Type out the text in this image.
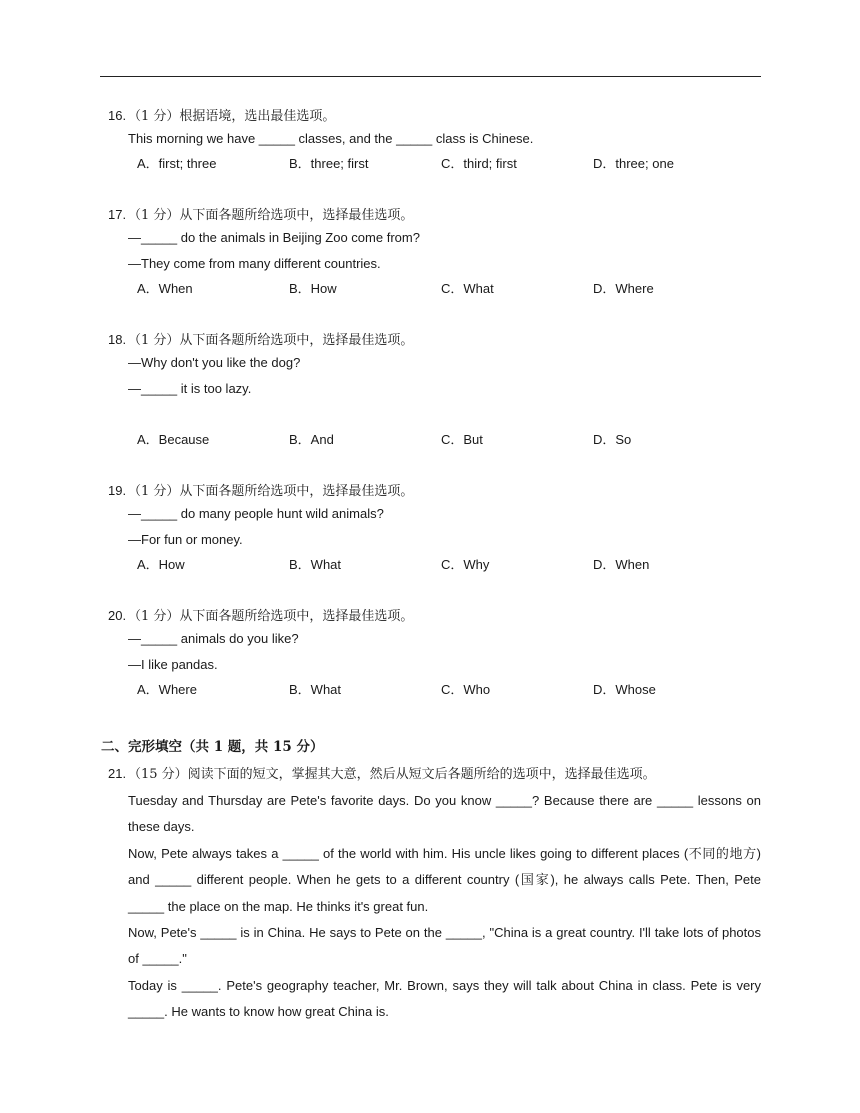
16. （1 分）根据语境，选出最佳选项。
This morning we have _____ classes, and the _____ class is Chinese.
A．first; three	B．three; first	C．third; first	D．three; one
17. （1 分）从下面各题所给选项中，选择最佳选项。
—_____ do the animals in Beijing Zoo come from?
—They come from many different countries.
A．When	B．How	C．What	D．Where
18. （1 分）从下面各题所给选项中，选择最佳选项。
—Why don't you like the dog?
—_____ it is too lazy.
A．Because	B．And	C．But	D．So
19. （1 分）从下面各题所给选项中，选择最佳选项。
—_____ do many people hunt wild animals?
—For fun or money.
A．How	B．What	C．Why	D．When
20. （1 分）从下面各题所给选项中，选择最佳选项。
—_____ animals do you like?
—I like pandas.
A．Where	B．What	C．Who	D．Whose
二、完形填空（共 1 题，共 15 分）
21. （15 分）阅读下面的短文，掌握其大意，然后从短文后各题所给的选项中，选择最佳选项。

Tuesday and Thursday are Pete's favorite days. Do you know _____? Because there are _____ lessons on these days.

Now, Pete always takes a _____ of the world with him. His uncle likes going to different places (不同的地方) and _____ different people. When he gets to a different country (国家), he always calls Pete. Then, Pete _____ the place on the map. He thinks it's great fun.

Now, Pete's _____ is in China. He says to Pete on the _____, "China is a great country. I'll take lots of photos of _____."

Today is _____. Pete's geography teacher, Mr. Brown, says they will talk about China in class. Pete is very _____. He wants to know how great China is.
